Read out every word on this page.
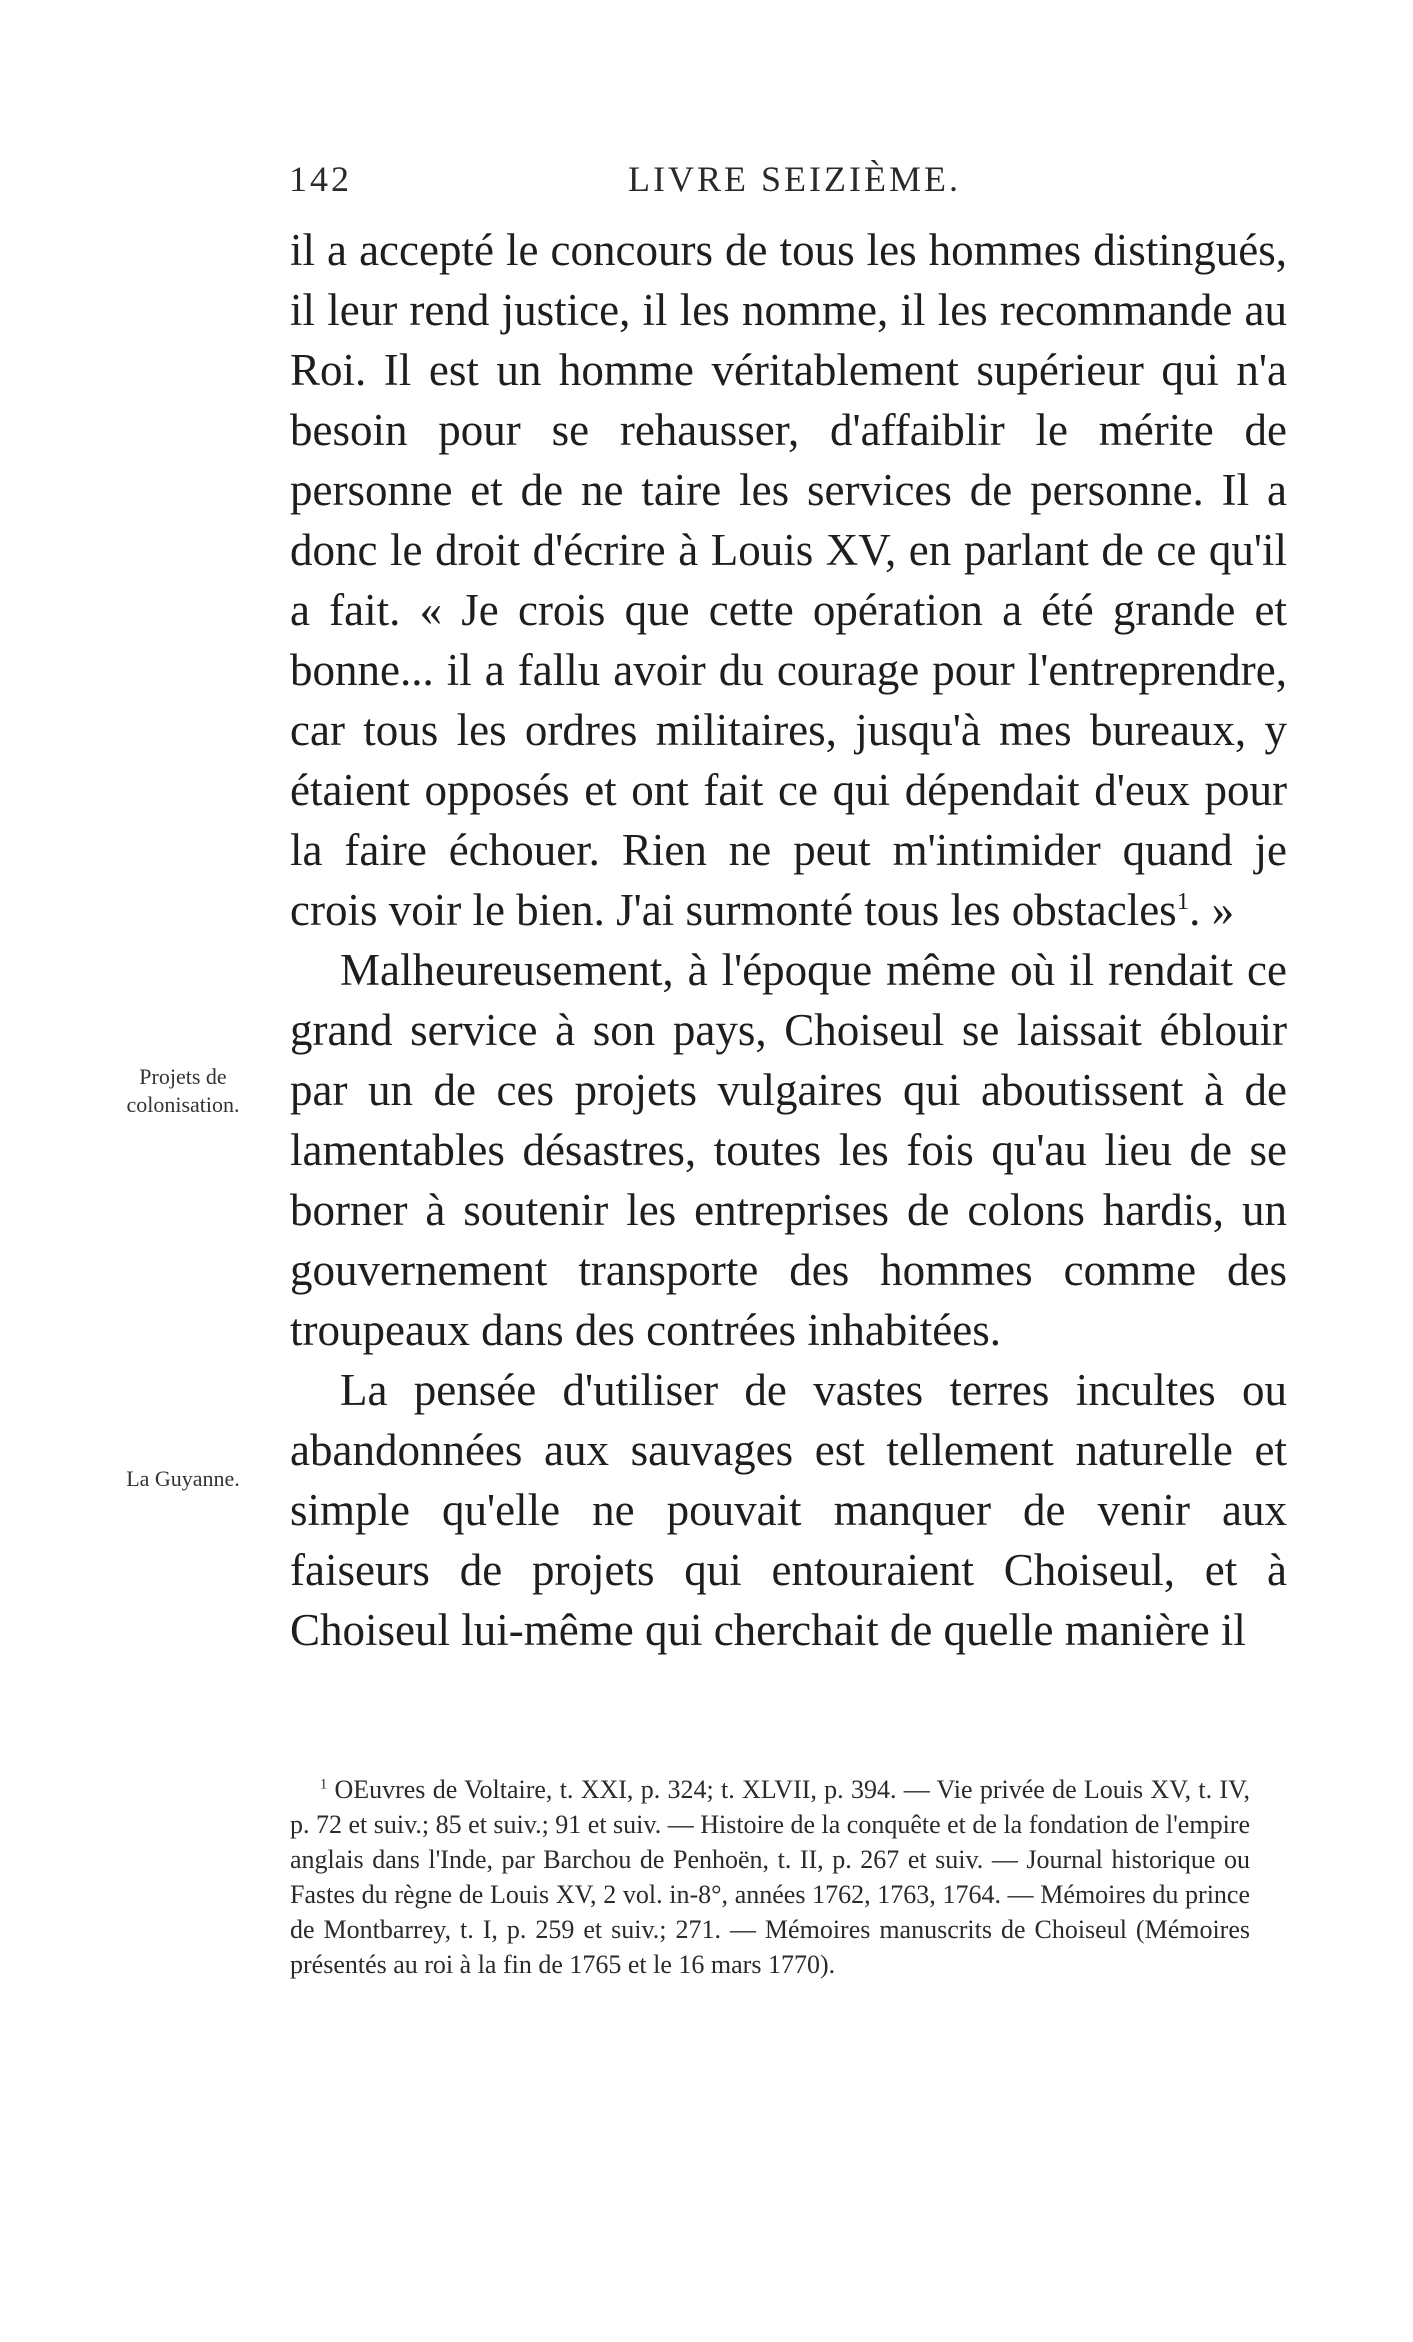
142	LIVRE SEIZIÈME.

il a accepté le concours de tous les hommes distingués, il leur rend justice, il les nomme, il les recommande au Roi. Il est un homme véritablement supérieur qui n'a besoin pour se rehausser, d'affaiblir le mérite de personne et de ne taire les services de personne. Il a donc le droit d'écrire à Louis XV, en parlant de ce qu'il a fait. « Je crois que cette opération a été grande et bonne... il a fallu avoir du courage pour l'entreprendre, car tous les ordres militaires, jusqu'à mes bureaux, y étaient opposés et ont fait ce qui dépendait d'eux pour la faire échouer. Rien ne peut m'intimider quand je crois voir le bien. J'ai surmonté tous les obstacles$^1$. »

Malheureusement, à l'époque même où il rendait ce grand service à son pays, Choiseul se laissait éblouir par un de ces projets vulgaires qui aboutissent à de lamentables désastres, toutes les fois qu'au lieu de se borner à soutenir les entreprises de colons hardis, un gouvernement transporte des hommes comme des troupeaux dans des contrées inhabitées.

La pensée d'utiliser de vastes terres incultes ou abandonnées aux sauvages est tellement naturelle et simple qu'elle ne pouvait manquer de venir aux faiseurs de projets qui entouraient Choiseul, et à Choiseul lui-même qui cherchait de quelle manière il

Projets de colonisation.
La Guyanne.

$^1$ OEuvres de Voltaire, t. XXI, p. 324; t. XLVII, p. 394. — Vie privée de Louis XV, t. IV, p. 72 et suiv.; 85 et suiv.; 91 et suiv. — Histoire de la conquête et de la fondation de l'empire anglais dans l'Inde, par Barchou de Penhoën, t. II, p. 267 et suiv. — Journal historique ou Fastes du règne de Louis XV, 2 vol. in-8°, années 1762, 1763, 1764. — Mémoires du prince de Montbarrey, t. I, p. 259 et suiv.; 271. — Mémoires manuscrits de Choiseul (Mémoires présentés au roi à la fin de 1765 et le 16 mars 1770).
